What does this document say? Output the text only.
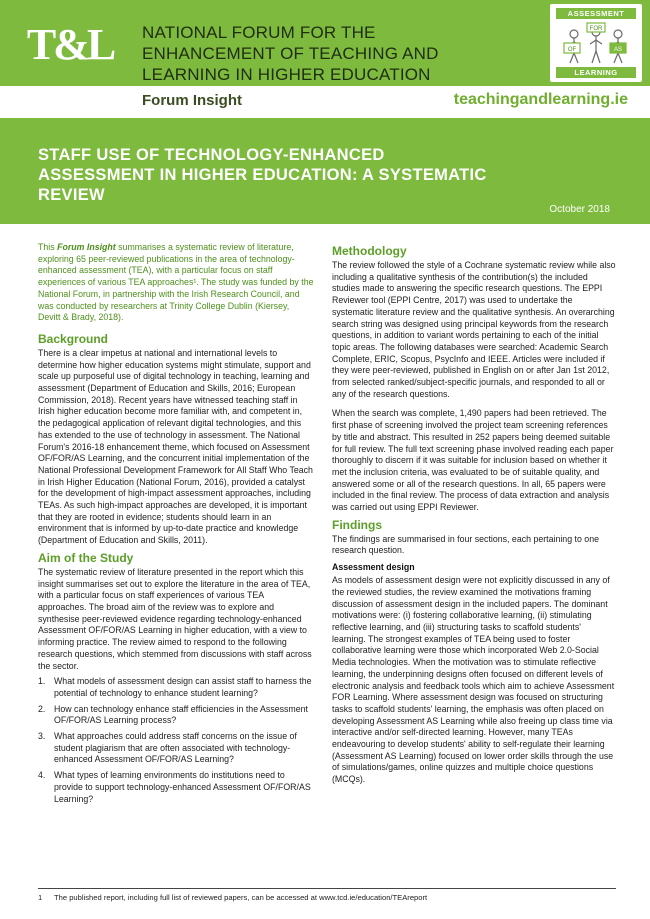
T&L NATIONAL FORUM FOR THE ENHANCEMENT OF TEACHING AND LEARNING IN HIGHER EDUCATION
ASSESSMENT
OF
FOR
AS
LEARNING
Forum Insight	teachingandlearning.ie
STAFF USE OF TECHNOLOGY-ENHANCED ASSESSMENT IN HIGHER EDUCATION: A SYSTEMATIC REVIEW
October 2018

This Forum Insight summarises a systematic review of literature, exploring 65 peer-reviewed publications in the area of technology-enhanced assessment (TEA), with a particular focus on staff experiences of various TEA approaches¹. The study was funded by the National Forum, in partnership with the Irish Research Council, and was conducted by researchers at Trinity College Dublin (Kiersey, Devitt & Brady, 2018).

Background

There is a clear impetus at national and international levels to determine how higher education systems might stimulate, support and scale up purposeful use of digital technology in teaching, learning and assessment (Department of Education and Skills, 2016; European Commission, 2018). Recent years have witnessed teaching staff in Irish higher education become more familiar with, and competent in, the pedagogical application of relevant digital technologies, and this has extended to the use of technology in assessment. The National Forum's 2016-18 enhancement theme, which focused on Assessment OF/FOR/AS Learning, and the concurrent initial implementation of the National Professional Development Framework for All Staff Who Teach in Irish Higher Education (National Forum, 2016), provided a catalyst for the development of high-impact assessment approaches, including TEAs. As such high-impact approaches are developed, it is important that they are rooted in evidence; students should learn in an environment that is informed by up-to-date practice and knowledge (Department of Education and Skills, 2011).

Aim of the Study

The systematic review of literature presented in the report which this insight summarises set out to explore the literature in the area of TEA, with a particular focus on staff experiences of various TEA approaches. The broad aim of the review was to explore and synthesise peer-reviewed evidence regarding technology-enhanced Assessment OF/FOR/AS Learning in higher education, with a view to informing practice. The review aimed to respond to the following research questions, which stemmed from discussions with staff across the sector.

1. What models of assessment design can assist staff to harness the potential of technology to enhance student learning?
2. How can technology enhance staff efficiencies in the Assessment OF/FOR/AS Learning process?
3. What approaches could address staff concerns on the issue of student plagiarism that are often associated with technology-enhanced Assessment OF/FOR/AS Learning?
4. What types of learning environments do institutions need to provide to support technology-enhanced Assessment OF/FOR/AS Learning?
Methodology

The review followed the style of a Cochrane systematic review while also including a qualitative synthesis of the contribution(s) the included studies made to answering the specific research questions. The EPPI Reviewer tool (EPPI Centre, 2017) was used to undertake the systematic literature review and the qualitative synthesis. An overarching search string was designed using principal keywords from the research questions, in addition to variant words pertaining to each of the initial topic areas. The following databases were searched: Academic Search Complete, ERIC, Scopus, PsycInfo and IEEE. Articles were included if they were peer-reviewed, published in English on or after Jan 1st 2012, from selected ranked/subject-specific journals, and responded to all or any of the research questions.

When the search was complete, 1,490 papers had been retrieved. The first phase of screening involved the project team screening references by title and abstract. This resulted in 252 papers being deemed suitable for full review. The full text screening phase involved reading each paper thoroughly to discern if it was suitable for inclusion based on whether it met the inclusion criteria, was evaluated to be of suitable quality, and answered some or all of the research questions. In all, 65 papers were included in the final review. The process of data extraction and analysis was carried out using EPPI Reviewer.

Findings

The findings are summarised in four sections, each pertaining to one research question.

Assessment design

As models of assessment design were not explicitly discussed in any of the reviewed studies, the review examined the motivations framing discussion of assessment design in the included papers. The dominant motivations were: (i) fostering collaborative learning, (ii) stimulating reflective learning, and (iii) structuring tasks to scaffold students' learning. The strongest examples of TEA being used to foster collaborative learning were those which incorporated Web 2.0-Social Media technologies. When the motivation was to stimulate reflective learning, the underpinning designs often focused on different levels of electronic analysis and feedback tools which aim to achieve Assessment FOR Learning. Where assessment design was focused on structuring tasks to scaffold students' learning, the emphasis was often placed on developing Assessment AS Learning while also freeing up class time via interactive and/or self-directed learning. However, many TEAs endeavouring to develop students' ability to self-regulate their learning (Assessment AS Learning) focused on lower order skills through the use of simulations/games, online quizzes and multiple choice questions (MCQs).

1 The published report, including full list of reviewed papers, can be accessed at www.tcd.ie/education/TEAreport
